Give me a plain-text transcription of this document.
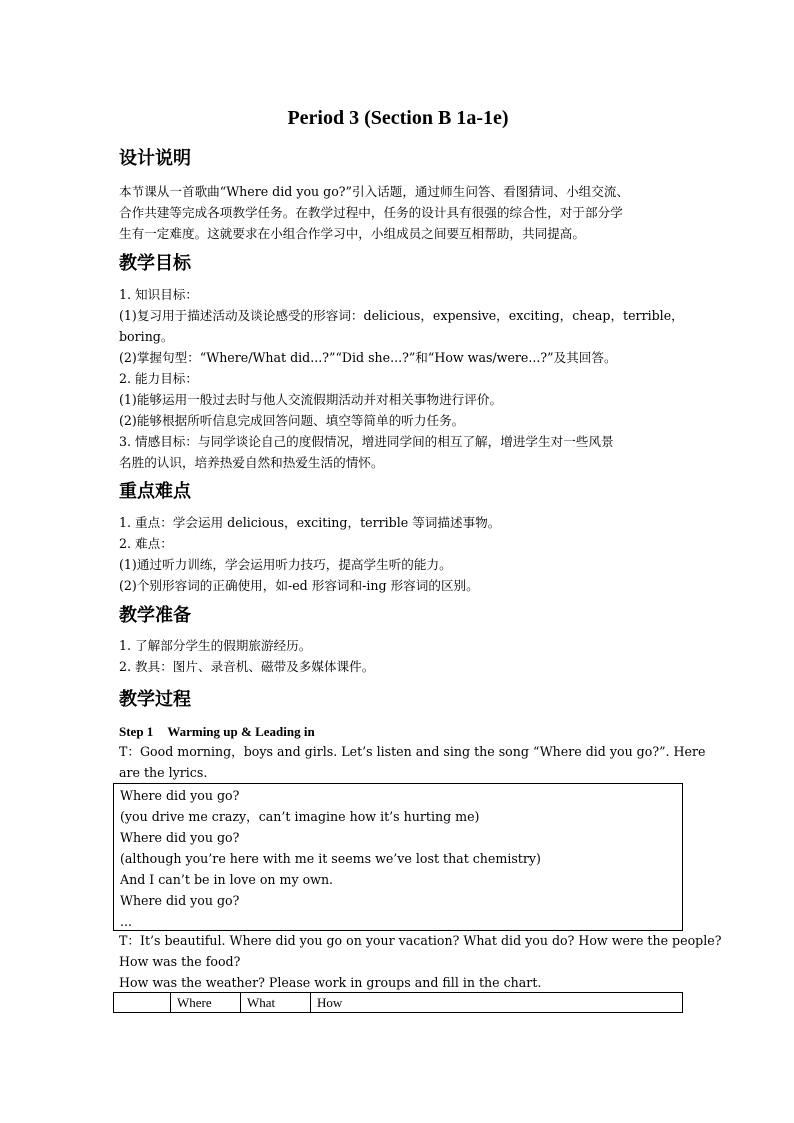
Period 3 (Section B 1a-1e)
设计说明
本节课从一首歌曲“Where did you go?”引入话题，通过师生问答、看图猜词、小组交流、
合作共建等完成各项教学任务。在教学过程中，任务的设计具有很强的综合性，对于部分学
生有一定难度。这就要求在小组合作学习中，小组成员之间要互相帮助，共同提高。
教学目标
1. 知识目标：
(1)复习用于描述活动及谈论感受的形容词：delicious，expensive，exciting，cheap，terrible，
boring。
(2)掌握句型：“Where/What did...?”“Did she...?”和“How was/were...?”及其回答。
2. 能力目标：
(1)能够运用一般过去时与他人交流假期活动并对相关事物进行评价。
(2)能够根据所听信息完成回答问题、填空等简单的听力任务。
3. 情感目标：与同学谈论自己的度假情况，增进同学间的相互了解，增进学生对一些风景
名胜的认识，培养热爱自然和热爱生活的情怀。
重点难点
1. 重点：学会运用 delicious，exciting，terrible 等词描述事物。
2. 难点：
(1)通过听力训练，学会运用听力技巧，提高学生听的能力。
(2)个别形容词的正确使用，如-ed 形容词和-ing 形容词的区别。
教学准备
1. 了解部分学生的假期旅游经历。
2. 教具：图片、录音机、磁带及多媒体课件。
教学过程
Step 1 Warming up & Leading in
T：Good morning，boys and girls. Let’s listen and sing the song “Where did you go?”. Here
are the lyrics.
Where did you go?
(you drive me crazy，can’t imagine how it’s hurting me)
Where did you go?
(although you’re here with me it seems we’ve lost that chemistry)
And I can’t be in love on my own.
Where did you go?
...
T：It’s beautiful. Where did you go on your vacation? What did you do? How were the people?
How was the food?
How was the weather? Please work in groups and fill in the chart.
	Where	What	How
